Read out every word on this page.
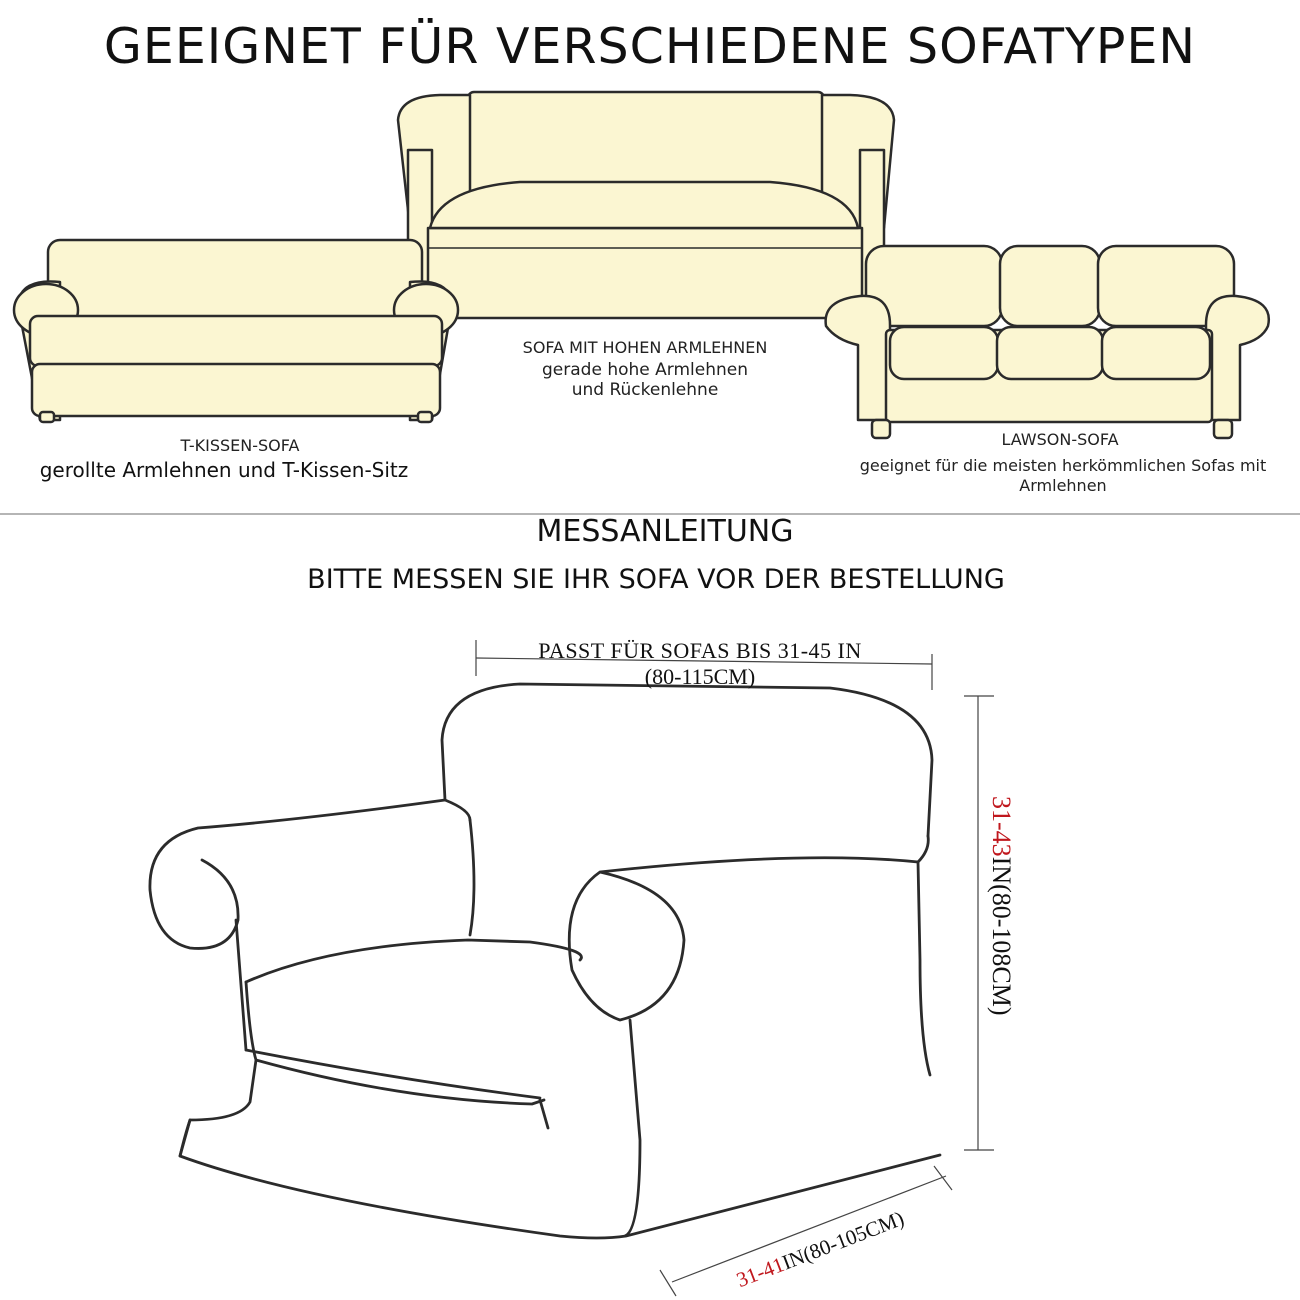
GEEIGNET FÜR VERSCHIEDENE SOFATYPEN
T-KISSEN-SOFA
gerollte Armlehnen und T-Kissen-Sitz
SOFA MIT HOHEN ARMLEHNEN
gerade hohe Armlehnen
und Rückenlehne
LAWSON-SOFA
geeignet für die meisten herkömmlichen Sofas mit
Armlehnen
MESSANLEITUNG
BITTE MESSEN SIE IHR SOFA VOR DER BESTELLUNG
PASST FÜR SOFAS BIS 31-45 IN
(80-115CM)
31-43IN(80-108CM)
31-41IN(80-105CM)
